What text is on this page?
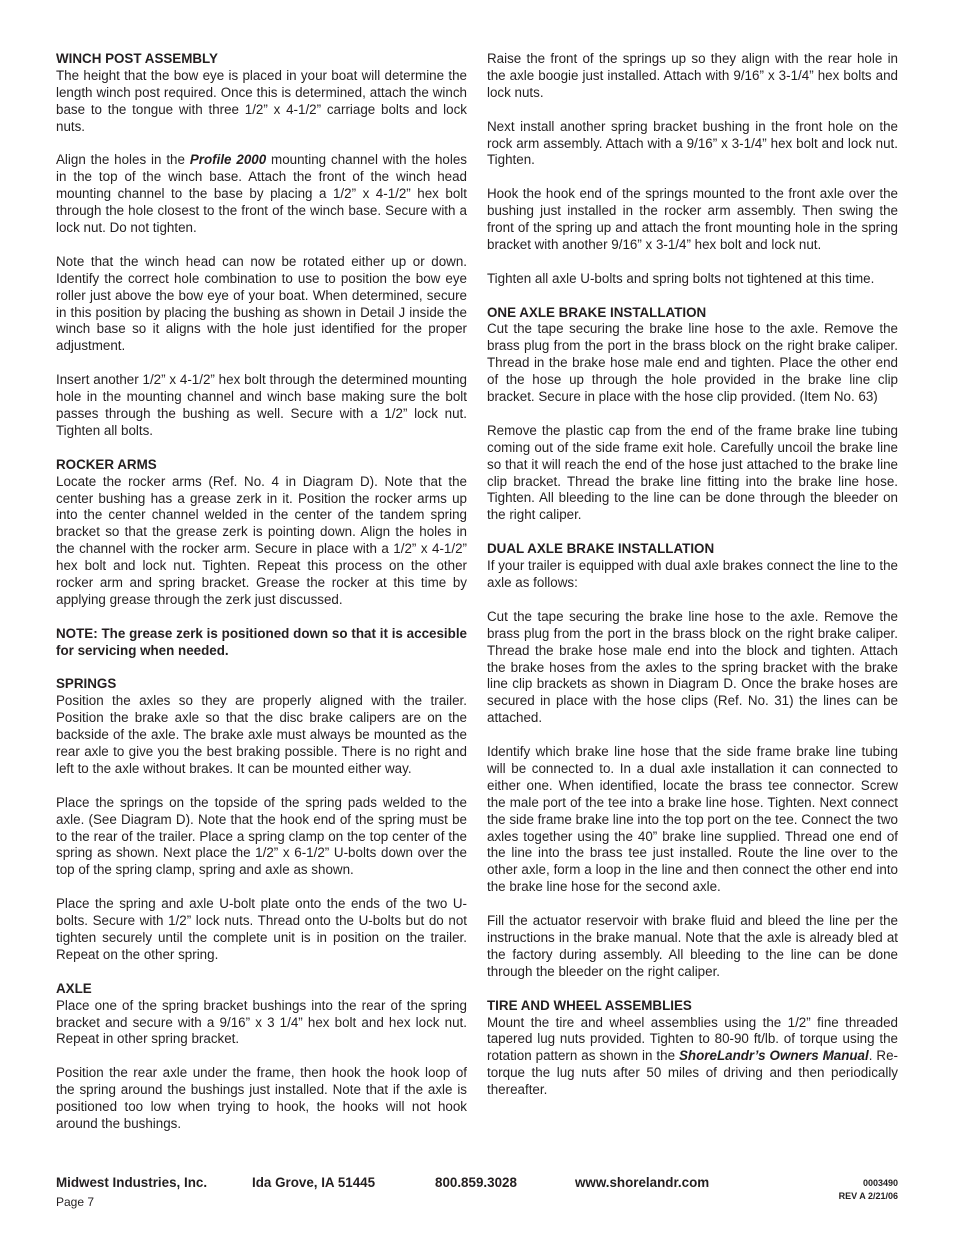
WINCH POST ASSEMBLY

The height that the bow eye is placed in your boat will determine the length winch post required. Once this is determined, attach the winch base to the tongue with three 1/2” x 4-1/2” carriage bolts and lock nuts.

Align the holes in the Profile 2000 mounting channel with the holes in the top of the winch base. Attach the front of the winch head mounting channel to the base by placing a 1/2” x 4-1/2” hex bolt through the hole closest to the front of the winch base. Secure with a lock nut. Do not tighten.

Note that the winch head can now be rotated either up or down. Identify the correct hole combination to use to position the bow eye roller just above the bow eye of your boat. When determined, secure in this position by placing the bushing as shown in Detail J inside the winch base so it aligns with the hole just identified for the proper adjustment.

Insert another 1/2” x 4-1/2” hex bolt through the determined mounting hole in the mounting channel and winch base making sure the bolt passes through the bushing as well. Secure with a 1/2” lock nut. Tighten all bolts.

ROCKER ARMS

Locate the rocker arms (Ref. No. 4 in Diagram D). Note that the center bushing has a grease zerk in it. Position the rocker arms up into the center channel welded in the center of the tandem spring bracket so that the grease zerk is pointing down. Align the holes in the channel with the rocker arm. Secure in place with a 1/2” x 4-1/2” hex bolt and lock nut. Tighten. Repeat this process on the other rocker arm and spring bracket. Grease the rocker at this time by applying grease through the zerk just discussed.

NOTE: The grease zerk is positioned down so that it is accesible for servicing when needed.

SPRINGS

Position the axles so they are properly aligned with the trailer. Position the brake axle so that the disc brake calipers are on the backside of the axle. The brake axle must always be mounted as the rear axle to give you the best braking possible. There is no right and left to the axle without brakes. It can be mounted either way.

Place the springs on the topside of the spring pads welded to the axle. (See Diagram D). Note that the hook end of the spring must be to the rear of the trailer. Place a spring clamp on the top center of the spring as shown. Next place the 1/2” x 6-1/2” U-bolts down over the top of the spring clamp, spring and axle as shown.

Place the spring and axle U-bolt plate onto the ends of the two U-bolts. Secure with 1/2” lock nuts. Thread onto the U-bolts but do not tighten securely until the complete unit is in position on the trailer. Repeat on the other spring.

AXLE

Place one of the spring bracket bushings into the rear of the spring bracket and secure with a 9/16” x 3 1/4” hex bolt and hex lock nut. Repeat in other spring bracket.

Position the rear axle under the frame, then hook the hook loop of the spring around the bushings just installed. Note that if the axle is positioned too low when trying to hook, the hooks will not hook around the bushings.

Raise the front of the springs up so they align with the rear hole in the axle boogie just installed. Attach with 9/16” x 3-1/4” hex bolts and lock nuts.

Next install another spring bracket bushing in the front hole on the rock arm assembly. Attach with a 9/16” x 3-1/4” hex bolt and lock nut. Tighten.

Hook the hook end of the springs mounted to the front axle over the bushing just installed in the rocker arm assembly. Then swing the front of the spring up and attach the front mounting hole in the spring bracket with another 9/16” x 3-1/4” hex bolt and lock nut.

Tighten all axle U-bolts and spring bolts not tightened at this time.

ONE AXLE BRAKE INSTALLATION

Cut the tape securing the brake line hose to the axle. Remove the brass plug from the port in the brass block on the right brake caliper. Thread in the brake hose male end and tighten. Place the other end of the hose up through the hole provided in the brake line clip bracket. Secure in place with the hose clip provided. (Item No. 63)

Remove the plastic cap from the end of the frame brake line tubing coming out of the side frame exit hole. Carefully uncoil the brake line so that it will reach the end of the hose just attached to the brake line clip bracket. Thread the brake line fitting into the brake line hose. Tighten. All bleeding to the line can be done through the bleeder on the right caliper.

DUAL AXLE BRAKE INSTALLATION

If your trailer is equipped with dual axle brakes connect the line to the axle as follows:

Cut the tape securing the brake line hose to the axle. Remove the brass plug from the port in the brass block on the right brake caliper. Thread the brake hose male end into the block and tighten. Attach the brake hoses from the axles to the spring bracket with the brake line clip brackets as shown in Diagram D. Once the brake hoses are secured in place with the hose clips (Ref. No. 31) the lines can be attached.

Identify which brake line hose that the side frame brake line tubing will be connected to. In a dual axle installation it can connected to either one. When identified, locate the brass tee connector. Screw the male port of the tee into a brake line hose. Tighten. Next connect the side frame brake line into the top port on the tee. Connect the two axles together using the 40” brake line supplied. Thread one end of the line into the brass tee just installed. Route the line over to the other axle, form a loop in the line and then connect the other end into the brake line hose for the second axle.

Fill the actuator reservoir with brake fluid and bleed the line per the instructions in the brake manual. Note that the axle is already bled at the factory during assembly. All bleeding to the line can be done through the bleeder on the right caliper.

TIRE AND WHEEL ASSEMBLIES

Mount the tire and wheel assemblies using the 1/2” fine threaded tapered lug nuts provided. Tighten to 80-90 ft/lb. of torque using the rotation pattern as shown in the ShoreLandr’s Owners Manual. Re-torque the lug nuts after 50 miles of driving and then periodically thereafter.

Midwest Industries, Inc.	Ida Grove, IA 51445	800.859.3028	www.shorelandr.com	0003490
REV A 2/21/06
Page 7
